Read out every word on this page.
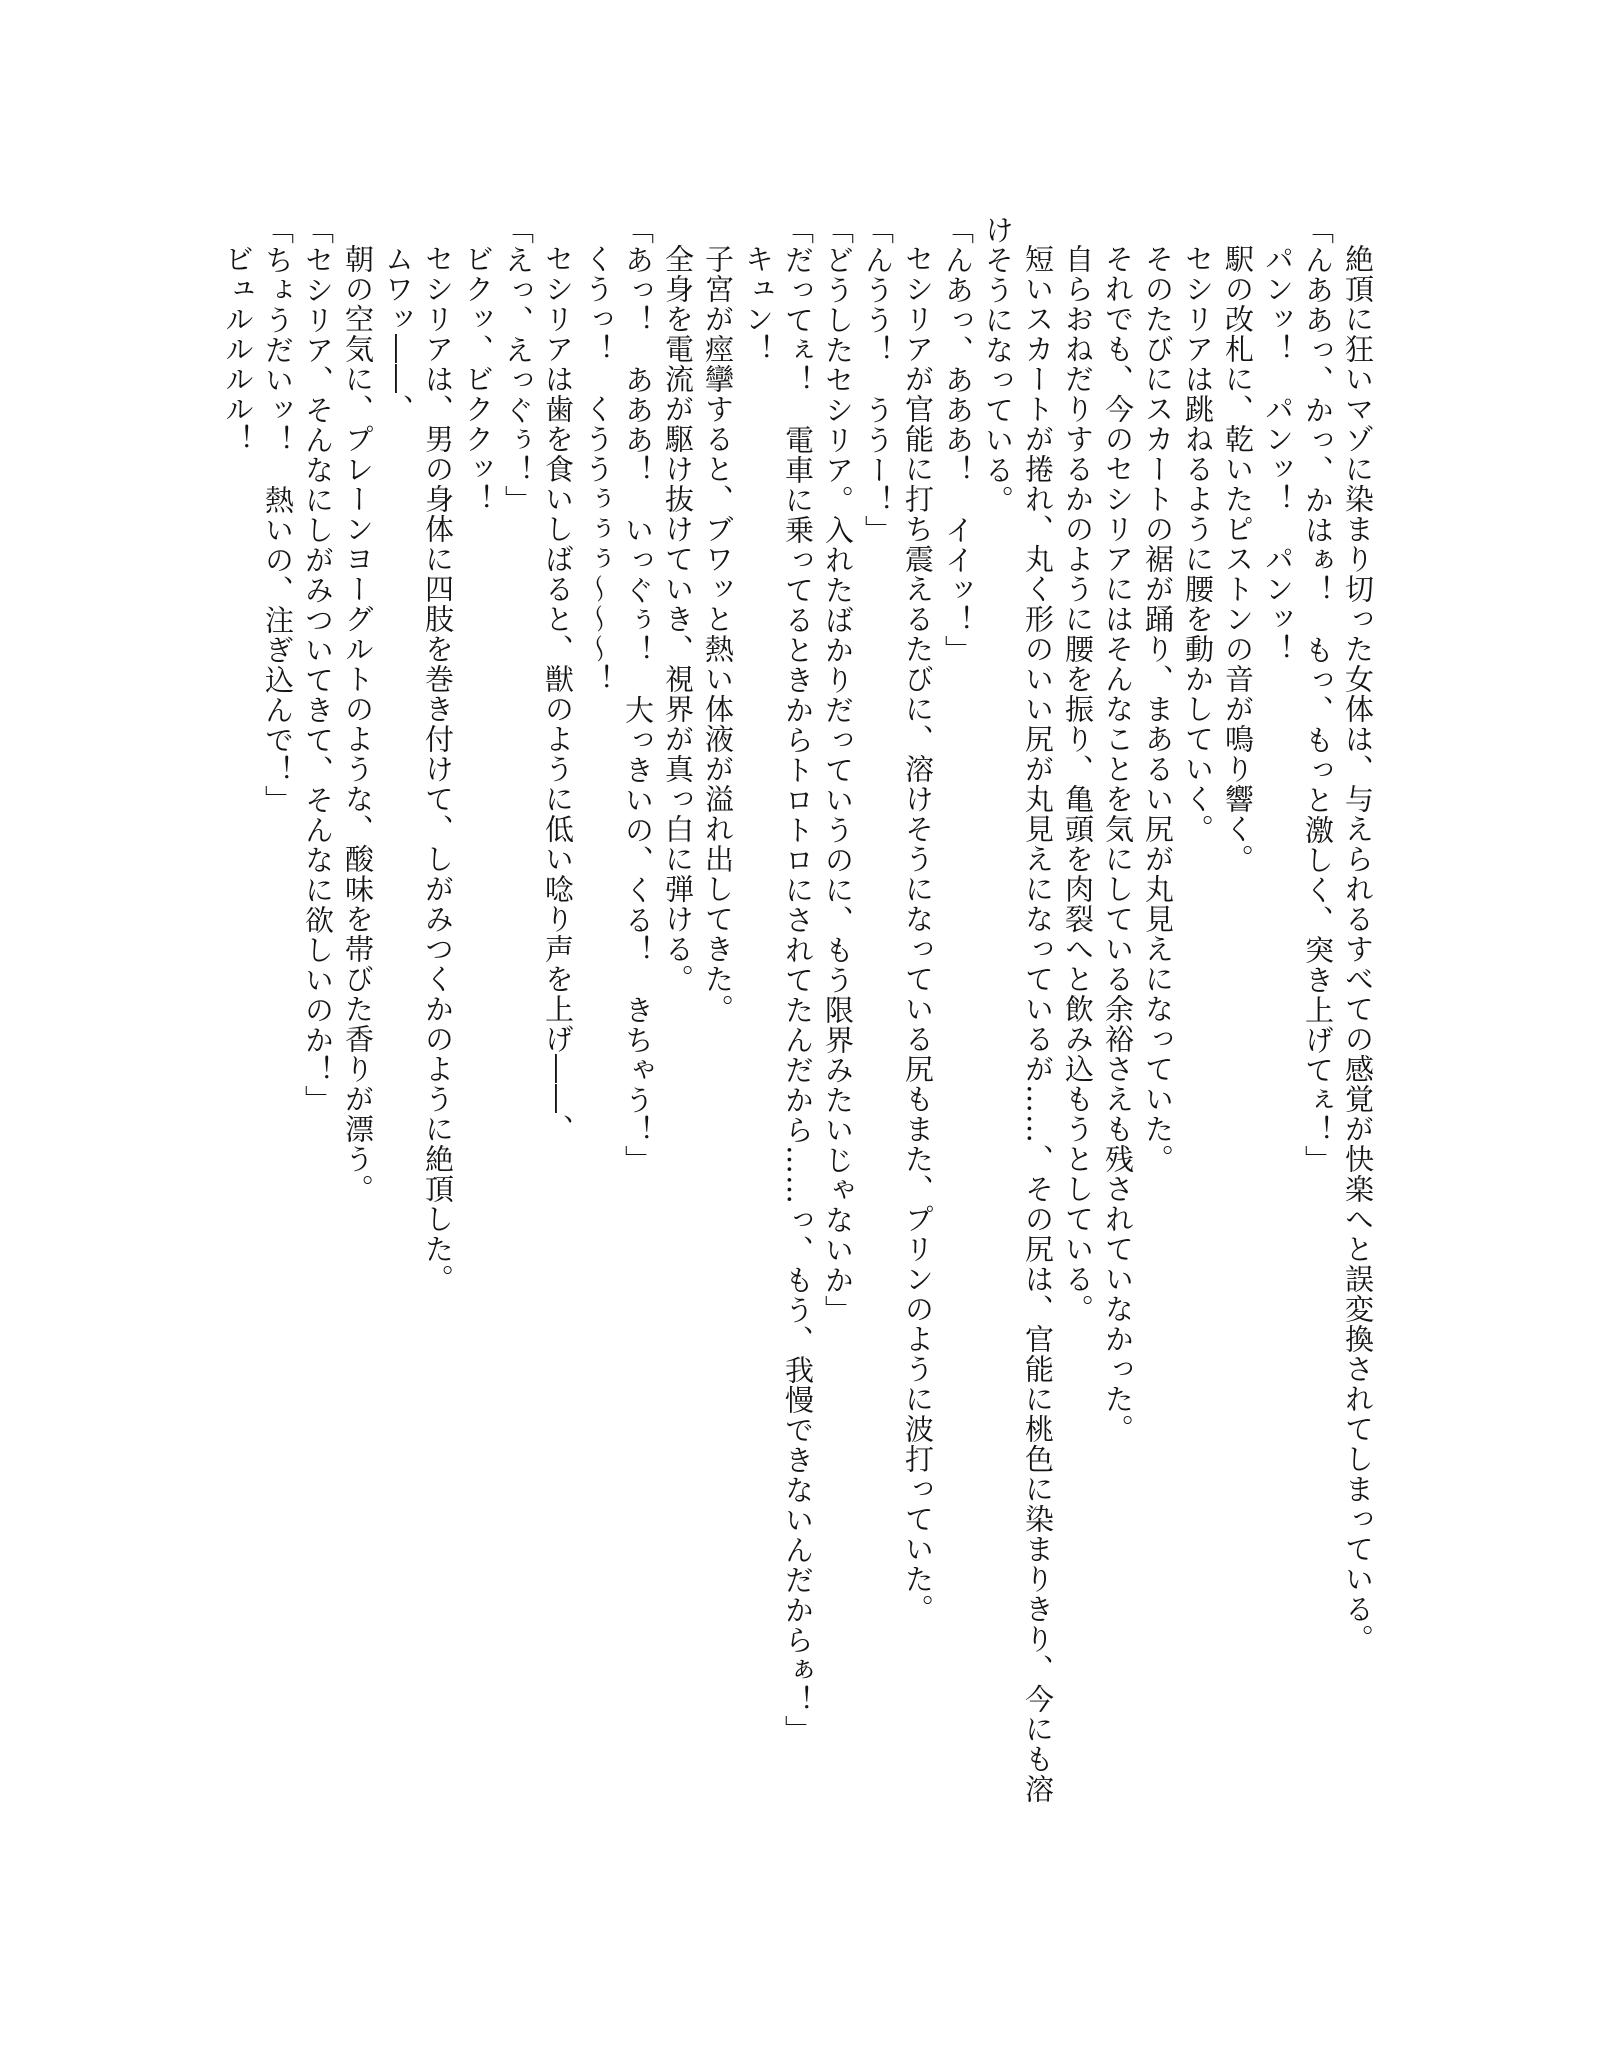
絶頂に狂いマゾに染まり切った女体は、与えられるすべての感覚が快楽へと誤変換されてしまっている。

「んああっ、かっ、かはぁ！　もっ、もっと激しく、突き上げてぇ！」

パンッ！　パンッ！　パンッ！

駅の改札に、乾いたピストンの音が鳴り響く。

セシリアは跳ねるように腰を動かしていく。

そのたびにスカートの裾が踊り、まあるい尻が丸見えになっていた。

それでも、今のセシリアにはそんなことを気にしている余裕さえも残されていなかった。

自らおねだりするかのように腰を振り、亀頭を肉裂へと飲み込もうとしている。

短いスカートが捲れ、丸く形のいい尻が丸見えになっているが……、その尻は、官能に桃色に染まりきり、今にも溶けそうになっている。

「んあっ、あああ！　イイッ！」

セシリアが官能に打ち震えるたびに、溶けそうになっている尻もまた、プリンのように波打っていた。

「んうう！　ううー！」

「どうしたセシリア。入れたばかりだっていうのに、もう限界みたいじゃないか」

「だってぇ！　電車に乗ってるときからトロトロにされてたんだから……っ、もう、我慢できないんだからぁ！」

キュン！

子宮が痙攣すると、ブワッと熱い体液が溢れ出してきた。

全身を電流が駆け抜けていき、視界が真っ白に弾ける。

「あっ！　あああ！　いっぐぅ！　大っきいの、くる！　きちゃう！」

くうっ！　くううぅぅぅ～～～！

セシリアは歯を食いしばると、獣のように低い唸り声を上げ――、

「えっ、えっぐぅ！」

ビクッ、ビククッ！

セシリアは、男の身体に四肢を巻き付けて、しがみつくかのように絶頂した。

ムワッ――、

朝の空気に、プレーンヨーグルトのような、酸味を帯びた香りが漂う。

「セシリア、そんなにしがみついてきて、そんなに欲しいのか！」

「ちょうだいッ！　熱いの、注ぎ込んで！」

ビュルルルル！
